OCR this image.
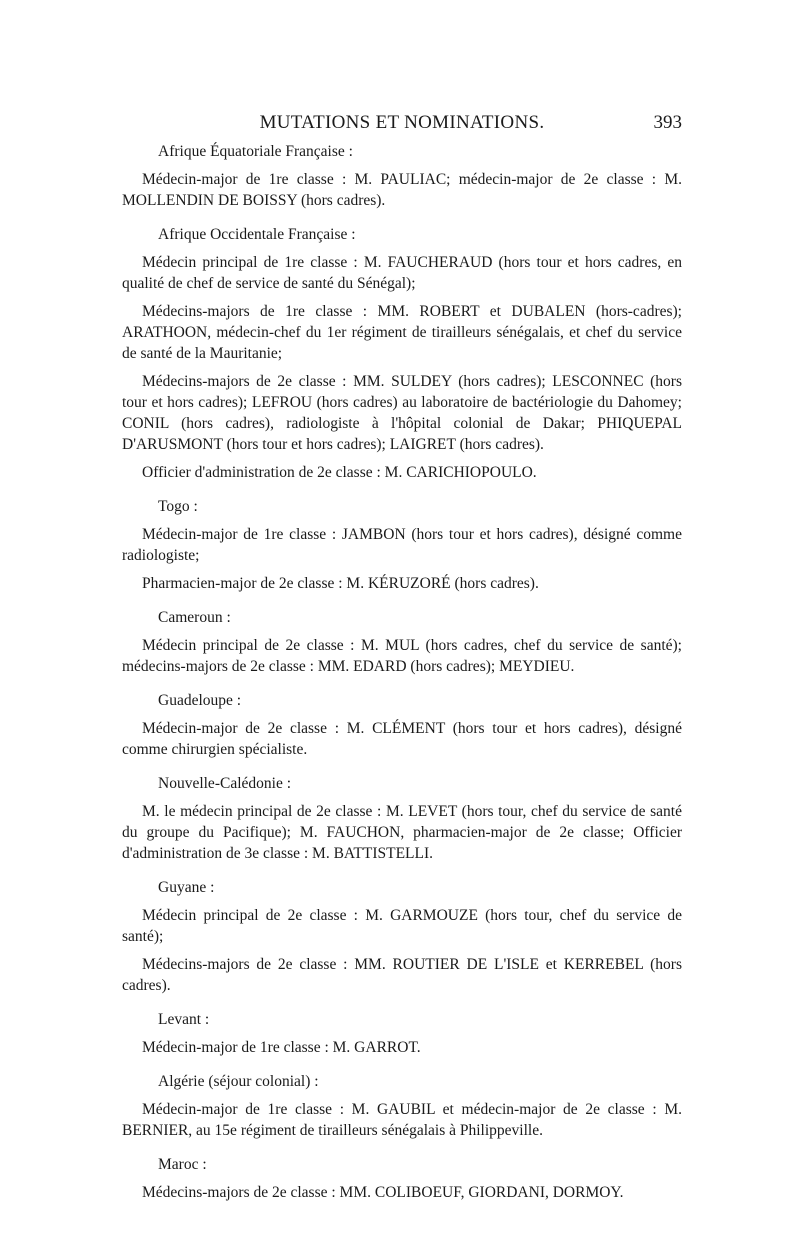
MUTATIONS ET NOMINATIONS.	393
Afrique Équatoriale Française :

Médecin-major de 1re classe : M. PAULIAC; médecin-major de 2e classe : M. MOLLENDIN DE BOISSY (hors cadres).

Afrique Occidentale Française :

Médecin principal de 1re classe : M. FAUCHERAUD (hors tour et hors cadres, en qualité de chef de service de santé du Sénégal);

Médecins-majors de 1re classe : MM. ROBERT et DUBALEN (hors-cadres); ARATHOON, médecin-chef du 1er régiment de tirailleurs sénégalais, et chef du service de santé de la Mauritanie;

Médecins-majors de 2e classe : MM. SULDEY (hors cadres); LESCONNEC (hors tour et hors cadres); LEFROU (hors cadres) au laboratoire de bactériologie du Dahomey; CONIL (hors cadres), radiologiste à l'hôpital colonial de Dakar; PHIQUEPAL D'ARUSMONT (hors tour et hors cadres); LAIGRET (hors cadres).

Officier d'administration de 2e classe : M. CARICHIOPOULO.

Togo :

Médecin-major de 1re classe : JAMBON (hors tour et hors cadres), désigné comme radiologiste;

Pharmacien-major de 2e classe : M. KÉRUZORÉ (hors cadres).

Cameroun :

Médecin principal de 2e classe : M. MUL (hors cadres, chef du service de santé); médecins-majors de 2e classe : MM. EDARD (hors cadres); MEYDIEU.

Guadeloupe :

Médecin-major de 2e classe : M. CLÉMENT (hors tour et hors cadres), désigné comme chirurgien spécialiste.

Nouvelle-Calédonie :

M. le médecin principal de 2e classe : M. LEVET (hors tour, chef du service de santé du groupe du Pacifique); M. FAUCHON, pharmacien-major de 2e classe; Officier d'administration de 3e classe : M. BATTISTELLI.

Guyane :

Médecin principal de 2e classe : M. GARMOUZE (hors tour, chef du service de santé);

Médecins-majors de 2e classe : MM. ROUTIER DE L'ISLE et KERREBEL (hors cadres).

Levant :

Médecin-major de 1re classe : M. GARROT.

Algérie (séjour colonial) :

Médecin-major de 1re classe : M. GAUBIL et médecin-major de 2e classe : M. BERNIER, au 15e régiment de tirailleurs sénégalais à Philippeville.

Maroc :

Médecins-majors de 2e classe : MM. COLIBOEUF, GIORDANI, DORMOY.
